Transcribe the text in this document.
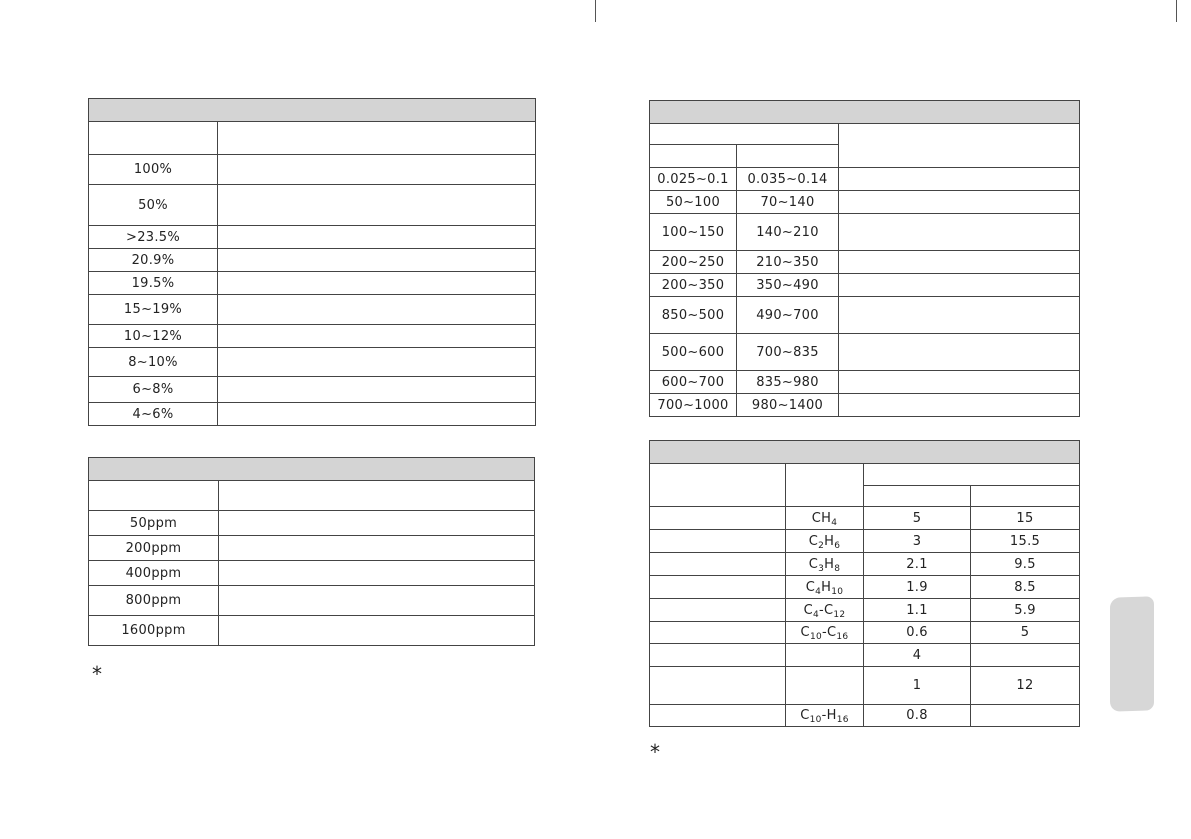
100%	
50%	
>23.5%	
20.9%	
19.5%	
15~19%	
10~12%	
8~10%	
6~8%	
4~6%	

50ppm	
200ppm	
400ppm	
800ppm	
1600ppm	
*

0.025~0.1	0.035~0.14	
50~100	70~140	
100~150	140~210	
200~250	210~350	
200~350	350~490	
850~500	490~700	
500~600	700~835	
600~700	835~980	
700~1000	980~1400	

	$CH_4$	5	15
	$C_2H_6$	3	15.5
	$C_3H_8$	2.1	9.5
	$C_4H_{10}$	1.9	8.5
	$C_4-C_{12}$	1.1	5.9
	$C_{10}-C_{16}$	0.6	5
		4	
		1	12
	$C_{10}-H_{16}$	0.8	
*
